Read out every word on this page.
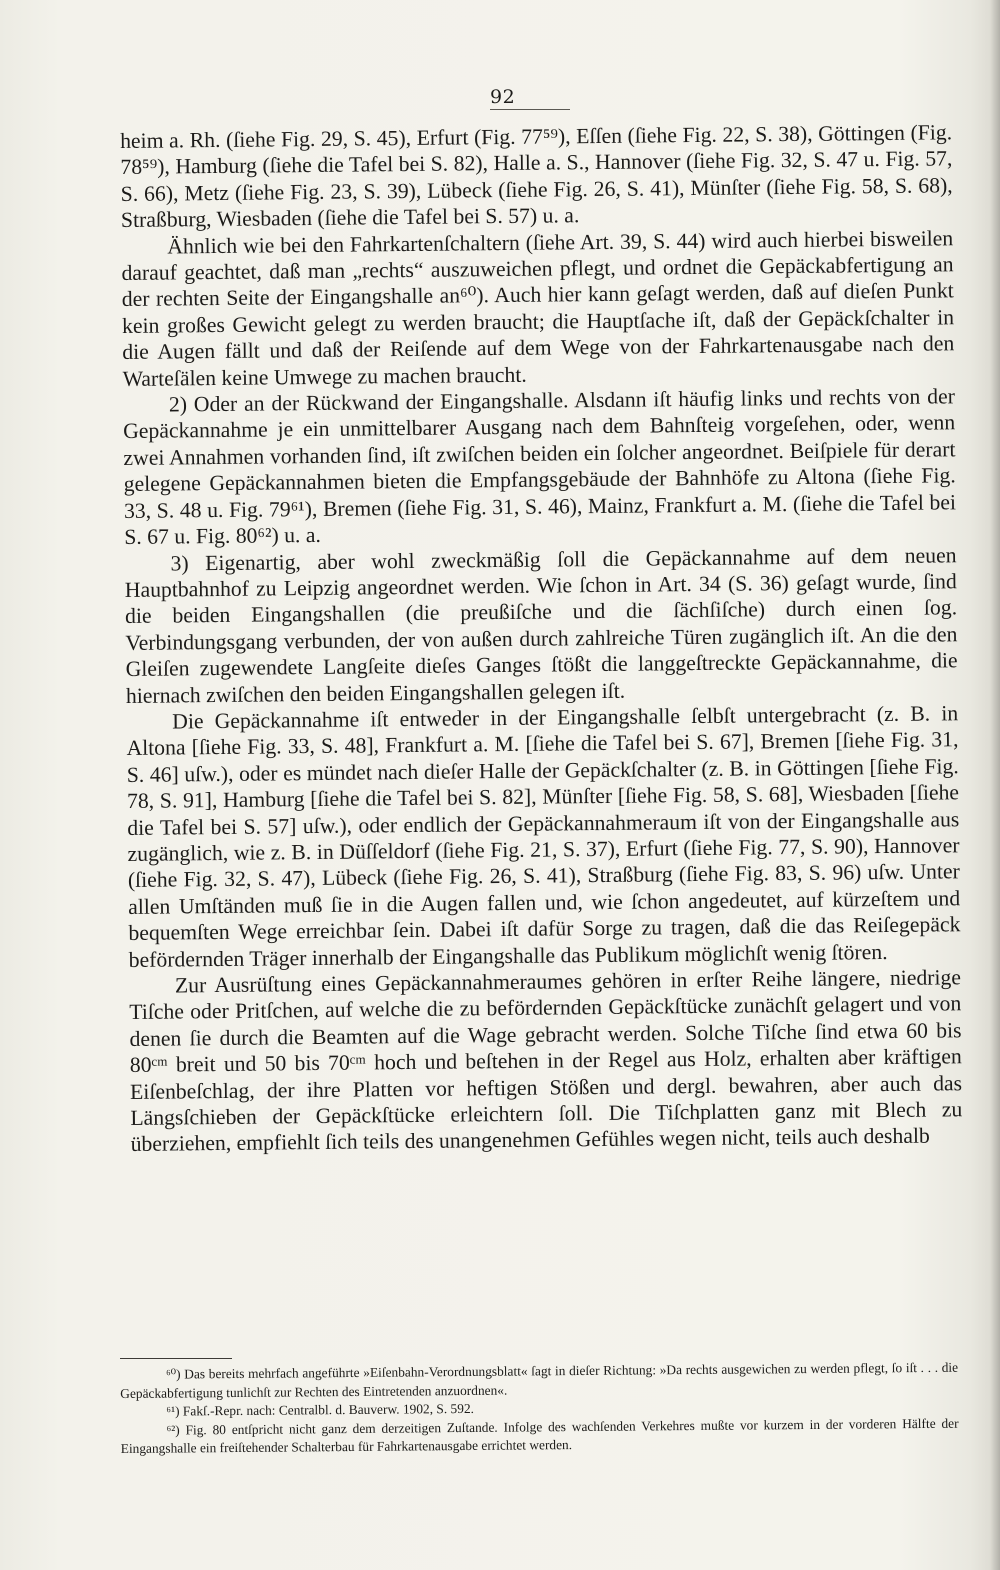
92

heim a. Rh. (ſiehe Fig. 29, S. 45), Erfurt (Fig. 77⁵⁹), Eſſen (ſiehe Fig. 22, S. 38), Göttingen (Fig. 78⁵⁹), Hamburg (ſiehe die Tafel bei S. 82), Halle a. S., Hannover (ſiehe Fig. 32, S. 47 u. Fig. 57, S. 66), Metz (ſiehe Fig. 23, S. 39), Lübeck (ſiehe Fig. 26, S. 41), Münſter (ſiehe Fig. 58, S. 68), Straßburg, Wiesbaden (ſiehe die Tafel bei S. 57) u. a.

Ähnlich wie bei den Fahrkartenſchaltern (ſiehe Art. 39, S. 44) wird auch hierbei bisweilen darauf geachtet, daß man „rechts“ auszuweichen pflegt, und ordnet die Gepäckabfertigung an der rechten Seite der Eingangshalle an⁶⁰). Auch hier kann geſagt werden, daß auf dieſen Punkt kein großes Gewicht gelegt zu werden braucht; die Hauptſache iſt, daß der Gepäckſchalter in die Augen fällt und daß der Reiſende auf dem Wege von der Fahrkartenausgabe nach den Warteſälen keine Umwege zu machen braucht.

2) Oder an der Rückwand der Eingangshalle. Alsdann iſt häufig links und rechts von der Gepäckannahme je ein unmittelbarer Ausgang nach dem Bahnſteig vorgeſehen, oder, wenn zwei Annahmen vorhanden ſind, iſt zwiſchen beiden ein ſolcher angeordnet. Beiſpiele für derart gelegene Gepäckannahmen bieten die Empfangsgebäude der Bahnhöfe zu Altona (ſiehe Fig. 33, S. 48 u. Fig. 79⁶¹), Bremen (ſiehe Fig. 31, S. 46), Mainz, Frankfurt a. M. (ſiehe die Tafel bei S. 67 u. Fig. 80⁶²) u. a.

3) Eigenartig, aber wohl zweckmäßig ſoll die Gepäckannahme auf dem neuen Hauptbahnhof zu Leipzig angeordnet werden. Wie ſchon in Art. 34 (S. 36) geſagt wurde, ſind die beiden Eingangshallen (die preußiſche und die ſächſiſche) durch einen ſog. Verbindungsgang verbunden, der von außen durch zahlreiche Türen zugänglich iſt. An die den Gleiſen zugewendete Langſeite dieſes Ganges ſtößt die langgeſtreckte Gepäckannahme, die hiernach zwiſchen den beiden Eingangshallen gelegen iſt.

Die Gepäckannahme iſt entweder in der Eingangshalle ſelbſt untergebracht (z. B. in Altona [ſiehe Fig. 33, S. 48], Frankfurt a. M. [ſiehe die Tafel bei S. 67], Bremen [ſiehe Fig. 31, S. 46] uſw.), oder es mündet nach dieſer Halle der Gepäckſchalter (z. B. in Göttingen [ſiehe Fig. 78, S. 91], Hamburg [ſiehe die Tafel bei S. 82], Münſter [ſiehe Fig. 58, S. 68], Wiesbaden [ſiehe die Tafel bei S. 57] uſw.), oder endlich der Gepäckannahmeraum iſt von der Eingangshalle aus zugänglich, wie z. B. in Düſſeldorf (ſiehe Fig. 21, S. 37), Erfurt (ſiehe Fig. 77, S. 90), Hannover (ſiehe Fig. 32, S. 47), Lübeck (ſiehe Fig. 26, S. 41), Straßburg (ſiehe Fig. 83, S. 96) uſw. Unter allen Umſtänden muß ſie in die Augen fallen und, wie ſchon angedeutet, auf kürzeſtem und bequemſten Wege erreichbar ſein. Dabei iſt dafür Sorge zu tragen, daß die das Reiſegepäck befördernden Träger innerhalb der Eingangshalle das Publikum möglichſt wenig ſtören.

Zur Ausrüſtung eines Gepäckannahmeraumes gehören in erſter Reihe längere, niedrige Tiſche oder Pritſchen, auf welche die zu befördernden Gepäckſtücke zunächſt gelagert und von denen ſie durch die Beamten auf die Wage gebracht werden. Solche Tiſche ſind etwa 60 bis 80ᶜᵐ breit und 50 bis 70ᶜᵐ hoch und beſtehen in der Regel aus Holz, erhalten aber kräftigen Eiſenbeſchlag, der ihre Platten vor heftigen Stößen und dergl. bewahren, aber auch das Längsſchieben der Gepäckſtücke erleichtern ſoll. Die Tiſchplatten ganz mit Blech zu überziehen, empfiehlt ſich teils des unangenehmen Gefühles wegen nicht, teils auch deshalb

⁶⁰) Das bereits mehrfach angeführte »Eiſenbahn-Verordnungsblatt« ſagt in dieſer Richtung: »Da rechts ausgewichen zu werden pflegt, ſo iſt . . . die Gepäckabfertigung tunlichſt zur Rechten des Eintretenden anzuordnen«.

⁶¹) Fakſ.-Repr. nach: Centralbl. d. Bauverw. 1902, S. 592.

⁶²) Fig. 80 entſpricht nicht ganz dem derzeitigen Zuſtande. Infolge des wachſenden Verkehres mußte vor kurzem in der vorderen Hälfte der Eingangshalle ein freiſtehender Schalterbau für Fahrkartenausgabe errichtet werden.
